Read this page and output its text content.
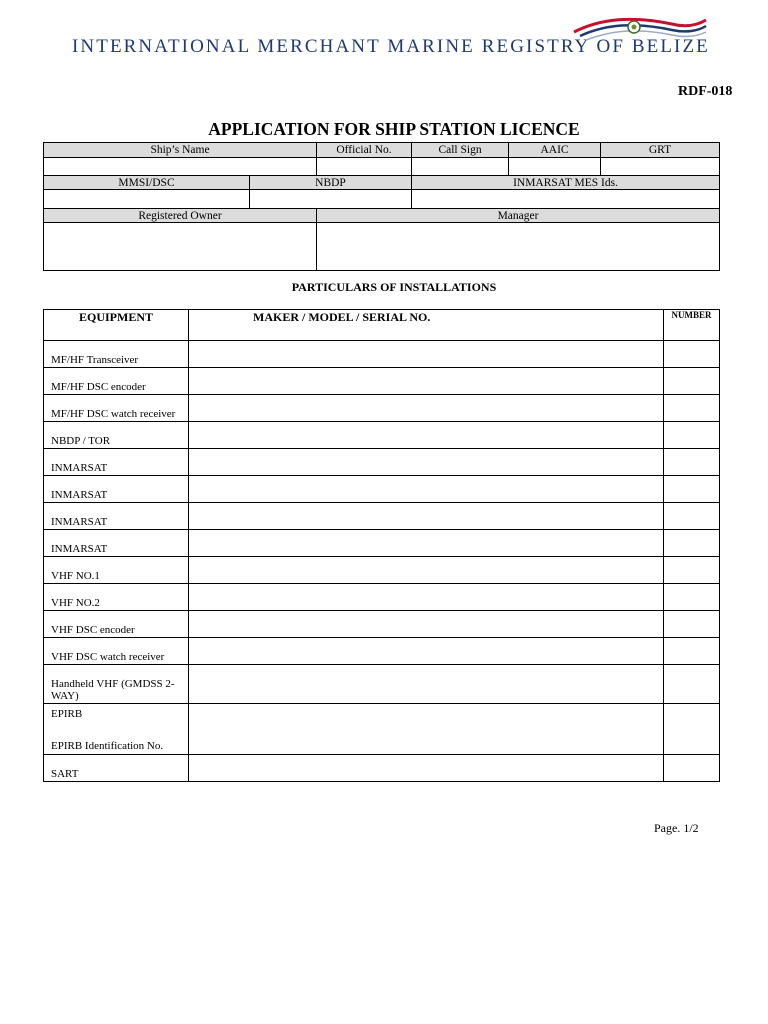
INTERNATIONAL MERCHANT MARINE REGISTRY OF BELIZE
RDF-018
APPLICATION FOR SHIP STATION LICENCE
Ship’s Name		Official No.	Call Sign	AAIC	GRT

MMSI/DSC	NBDP		INMARSAT MES Ids.		

Registered Owner		Manager			

PARTICULARS OF INSTALLATIONS
EQUIPMENT	MAKER / MODEL / SERIAL NO.	NUMBER
MF/HF Transceiver		
MF/HF DSC encoder		
MF/HF DSC watch receiver		
NBDP / TOR		
INMARSAT		
INMARSAT		
INMARSAT		
INMARSAT		
VHF NO.1		
VHF NO.2		
VHF DSC encoder		
VHF DSC watch receiver		
Handheld VHF (GMDSS 2-WAY)		

EPIRB
EPIRB Identification No.		

SART		
Page. 1/2
